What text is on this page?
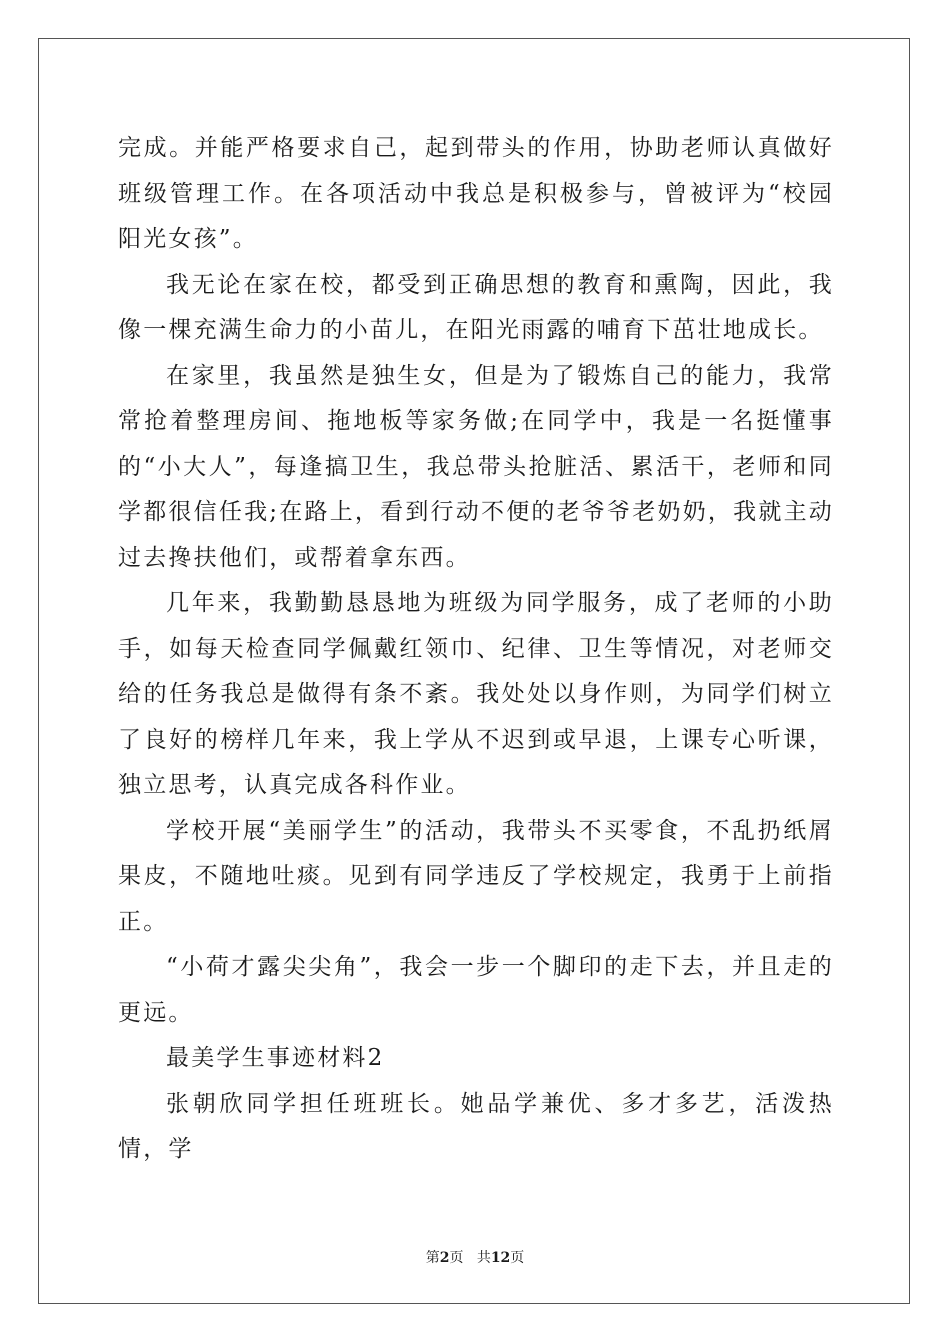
完成。并能严格要求自己，起到带头的作用，协助老师认真做好班级管理工作。在各项活动中我总是积极参与，曾被评为“校园阳光女孩”。

我无论在家在校，都受到正确思想的教育和熏陶，因此，我像一棵充满生命力的小苗儿，在阳光雨露的哺育下茁壮地成长。

在家里，我虽然是独生女，但是为了锻炼自己的能力，我常常抢着整理房间、拖地板等家务做;在同学中，我是一名挺懂事的“小大人”，每逢搞卫生，我总带头抢脏活、累活干，老师和同学都很信任我;在路上，看到行动不便的老爷爷老奶奶，我就主动过去搀扶他们，或帮着拿东西。

几年来，我勤勤恳恳地为班级为同学服务，成了老师的小助手，如每天检查同学佩戴红领巾、纪律、卫生等情况，对老师交给的任务我总是做得有条不紊。我处处以身作则，为同学们树立了良好的榜样几年来，我上学从不迟到或早退，上课专心听课，独立思考，认真完成各科作业。

学校开展“美丽学生”的活动，我带头不买零食，不乱扔纸屑果皮，不随地吐痰。见到有同学违反了学校规定，我勇于上前指正。

“小荷才露尖尖角”，我会一步一个脚印的走下去，并且走的更远。

最美学生事迹材料2

张朝欣同学担任班班长。她品学兼优、多才多艺，活泼热情，学

第2页 共12页
